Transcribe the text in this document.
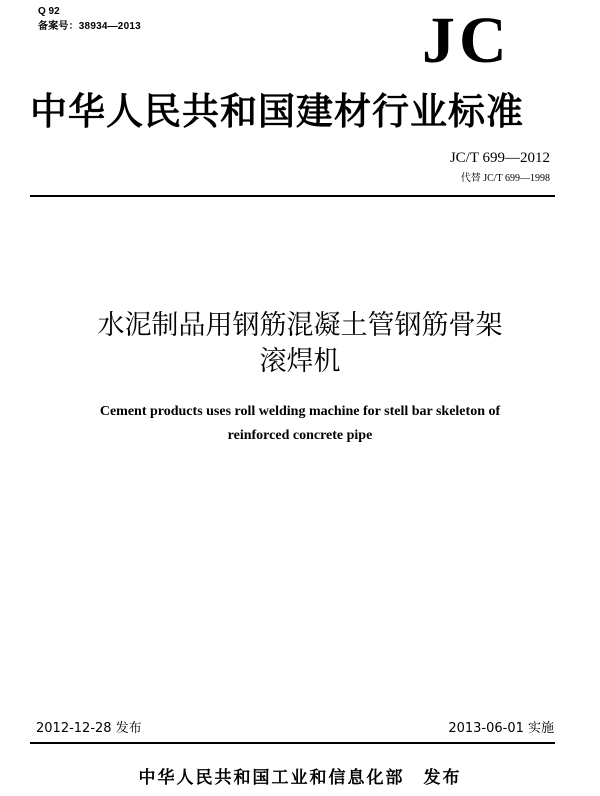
Q 92
备案号：38934—2013	JC
中华人民共和国建材行业标准
JC/T 699—2012
代替 JC/T 699—1998
水泥制品用钢筋混凝土管钢筋骨架
滚焊机
Cement products uses roll welding machine for stell bar skeleton of
reinforced concrete pipe
2012-12-28 发布	2013-06-01 实施
中华人民共和国工业和信息化部　发布
